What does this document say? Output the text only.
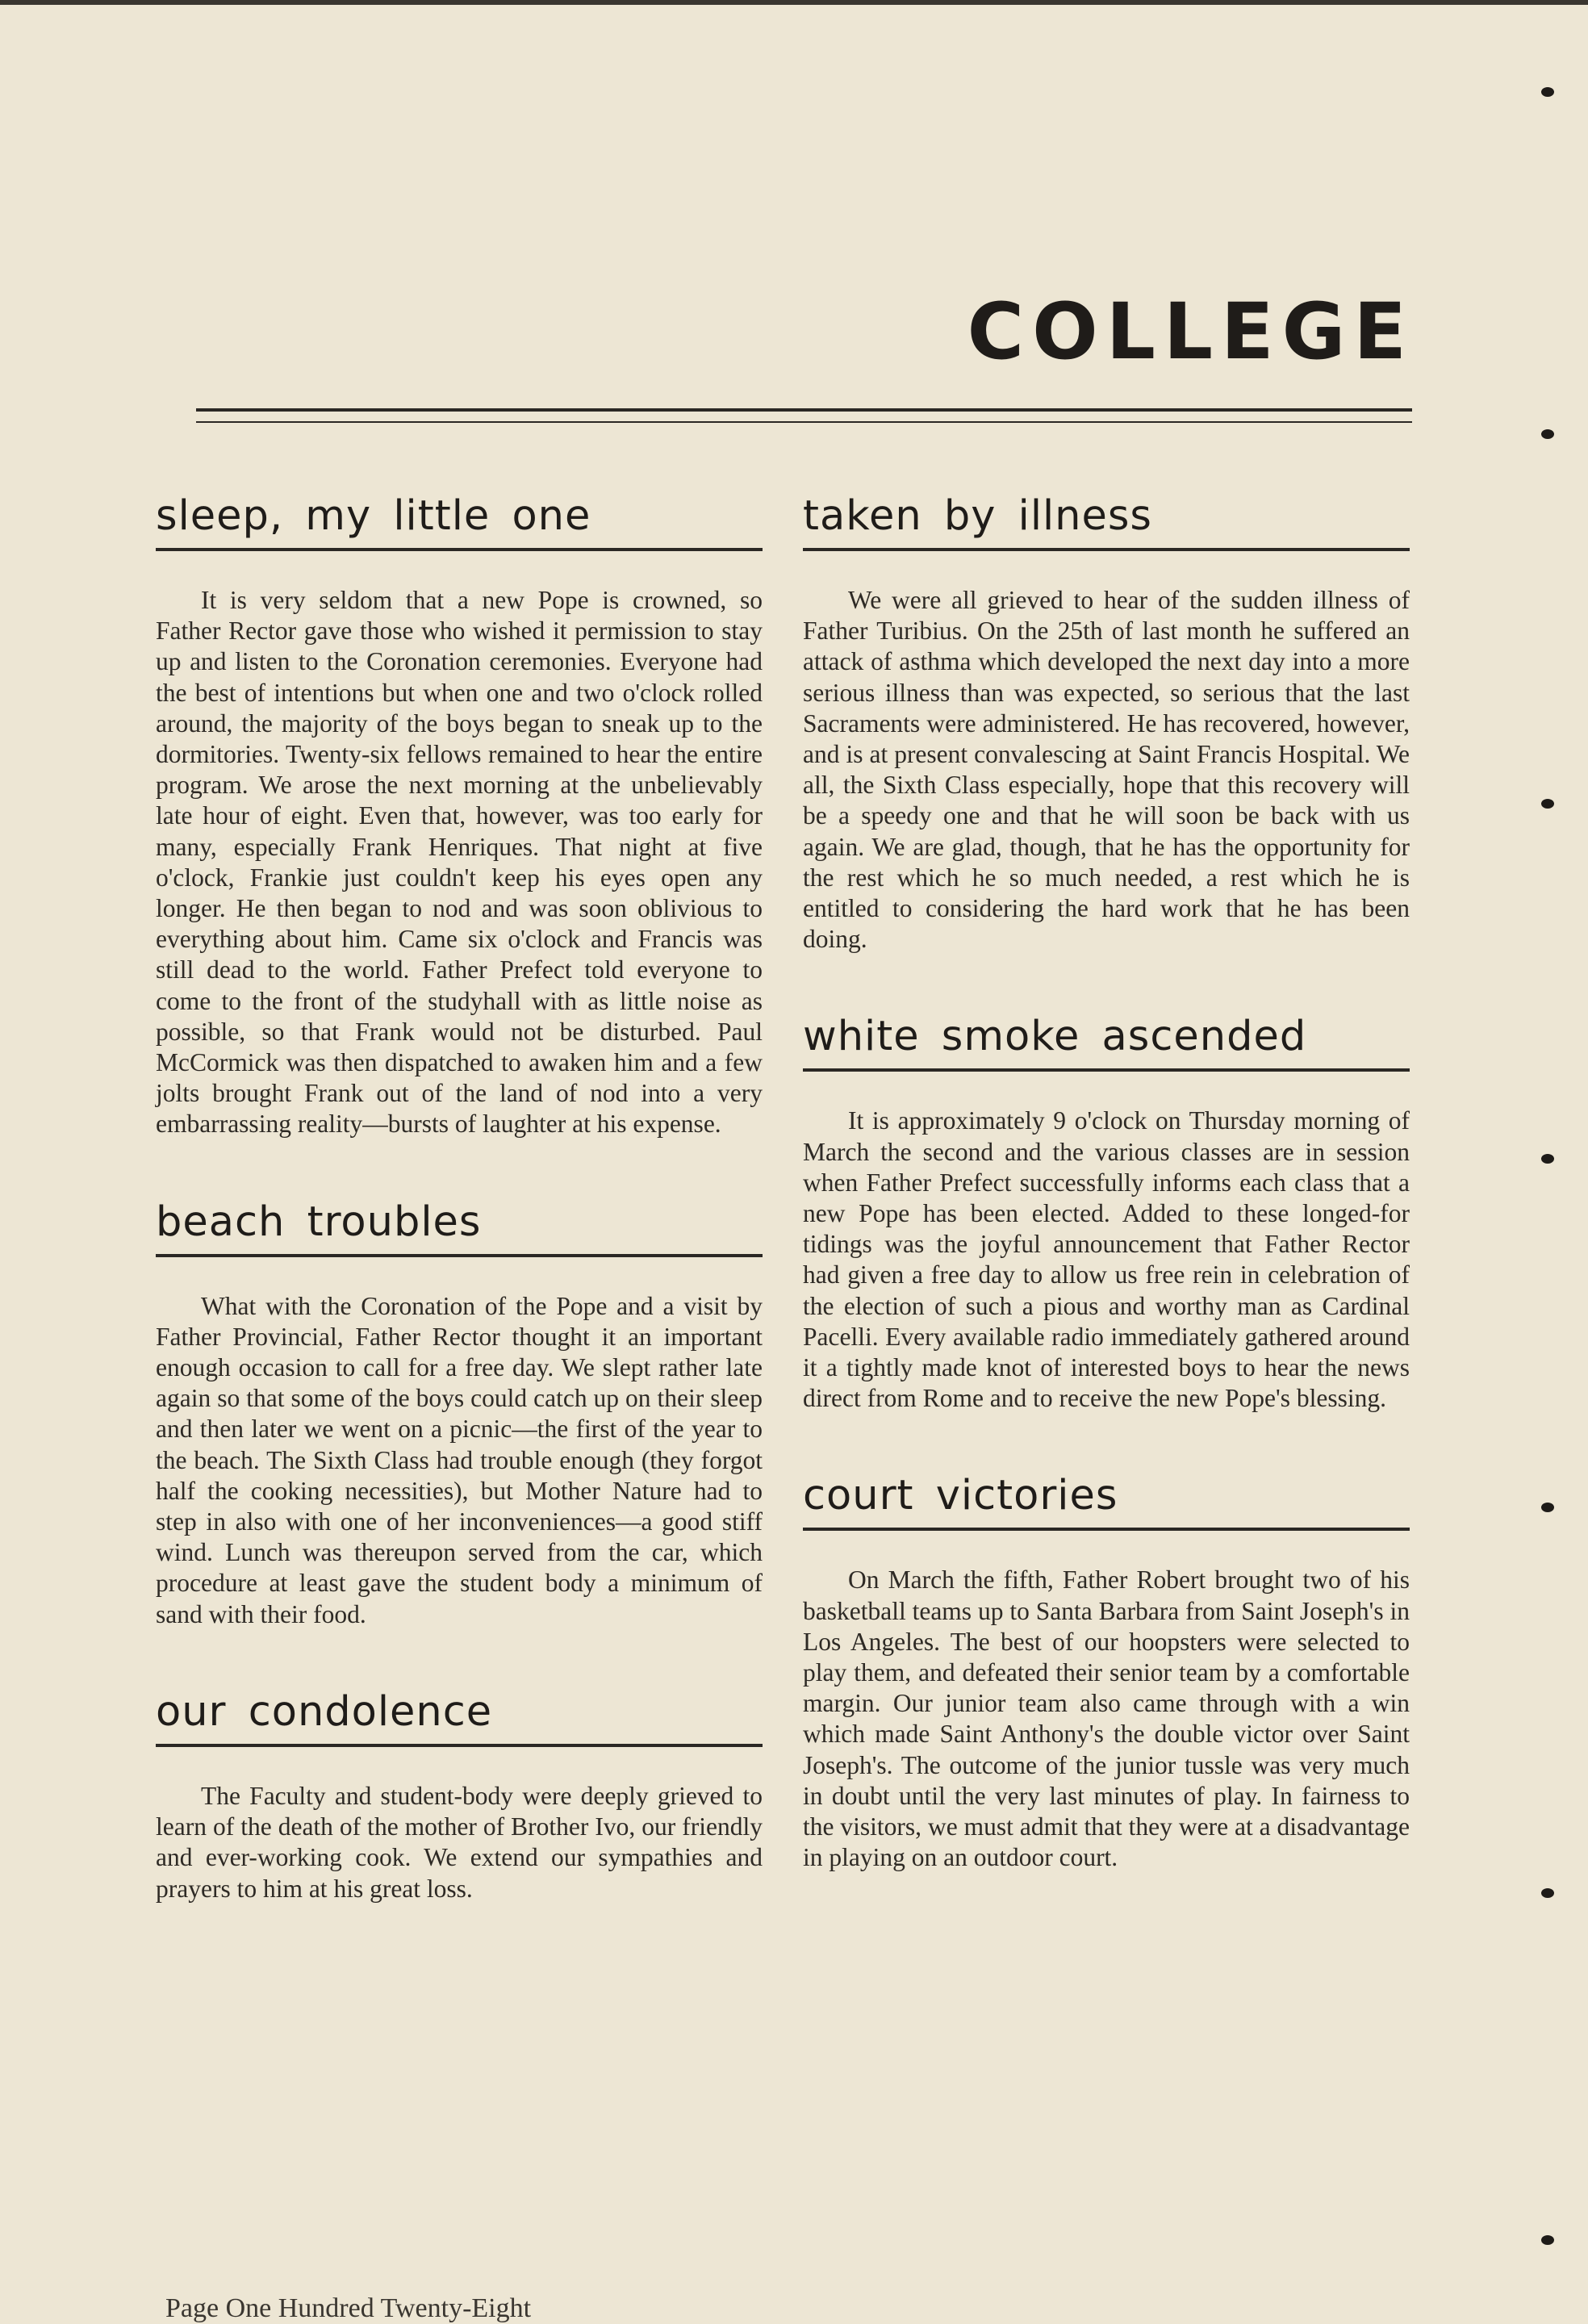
COLLEGE
sleep, my little one

It is very seldom that a new Pope is crowned, so Father Rector gave those who wished it permission to stay up and listen to the Coronation ceremonies. Everyone had the best of intentions but when one and two o'clock rolled around, the majority of the boys began to sneak up to the dormitories. Twenty-six fellows remained to hear the entire program. We arose the next morning at the unbelievably late hour of eight. Even that, however, was too early for many, especially Frank Henriques. That night at five o'clock, Frankie just couldn't keep his eyes open any longer. He then began to nod and was soon oblivious to everything about him. Came six o'clock and Francis was still dead to the world. Father Prefect told everyone to come to the front of the studyhall with as little noise as possible, so that Frank would not be disturbed. Paul McCormick was then dispatched to awaken him and a few jolts brought Frank out of the land of nod into a very embarrassing reality—bursts of laughter at his expense.

beach troubles

What with the Coronation of the Pope and a visit by Father Provincial, Father Rector thought it an important enough occasion to call for a free day. We slept rather late again so that some of the boys could catch up on their sleep and then later we went on a picnic—the first of the year to the beach. The Sixth Class had trouble enough (they forgot half the cooking necessities), but Mother Nature had to step in also with one of her inconveniences—a good stiff wind. Lunch was thereupon served from the car, which procedure at least gave the student body a minimum of sand with their food.

our condolence

The Faculty and student-body were deeply grieved to learn of the death of the mother of Brother Ivo, our friendly and ever-working cook. We extend our sympathies and prayers to him at his great loss.

taken by illness

We were all grieved to hear of the sudden illness of Father Turibius. On the 25th of last month he suffered an attack of asthma which developed the next day into a more serious illness than was expected, so serious that the last Sacraments were administered. He has recovered, however, and is at present convalescing at Saint Francis Hospital. We all, the Sixth Class especially, hope that this recovery will be a speedy one and that he will soon be back with us again. We are glad, though, that he has the opportunity for the rest which he so much needed, a rest which he is entitled to considering the hard work that he has been doing.

white smoke ascended

It is approximately 9 o'clock on Thursday morning of March the second and the various classes are in session when Father Prefect successfully informs each class that a new Pope has been elected. Added to these longed-for tidings was the joyful announcement that Father Rector had given a free day to allow us free rein in celebration of the election of such a pious and worthy man as Cardinal Pacelli. Every available radio immediately gathered around it a tightly made knot of interested boys to hear the news direct from Rome and to receive the new Pope's blessing.

court victories

On March the fifth, Father Robert brought two of his basketball teams up to Santa Barbara from Saint Joseph's in Los Angeles. The best of our hoopsters were selected to play them, and defeated their senior team by a comfortable margin. Our junior team also came through with a win which made Saint Anthony's the double victor over Saint Joseph's. The outcome of the junior tussle was very much in doubt until the very last minutes of play. In fairness to the visitors, we must admit that they were at a disadvantage in playing on an outdoor court.

Page One Hundred Twenty-Eight
